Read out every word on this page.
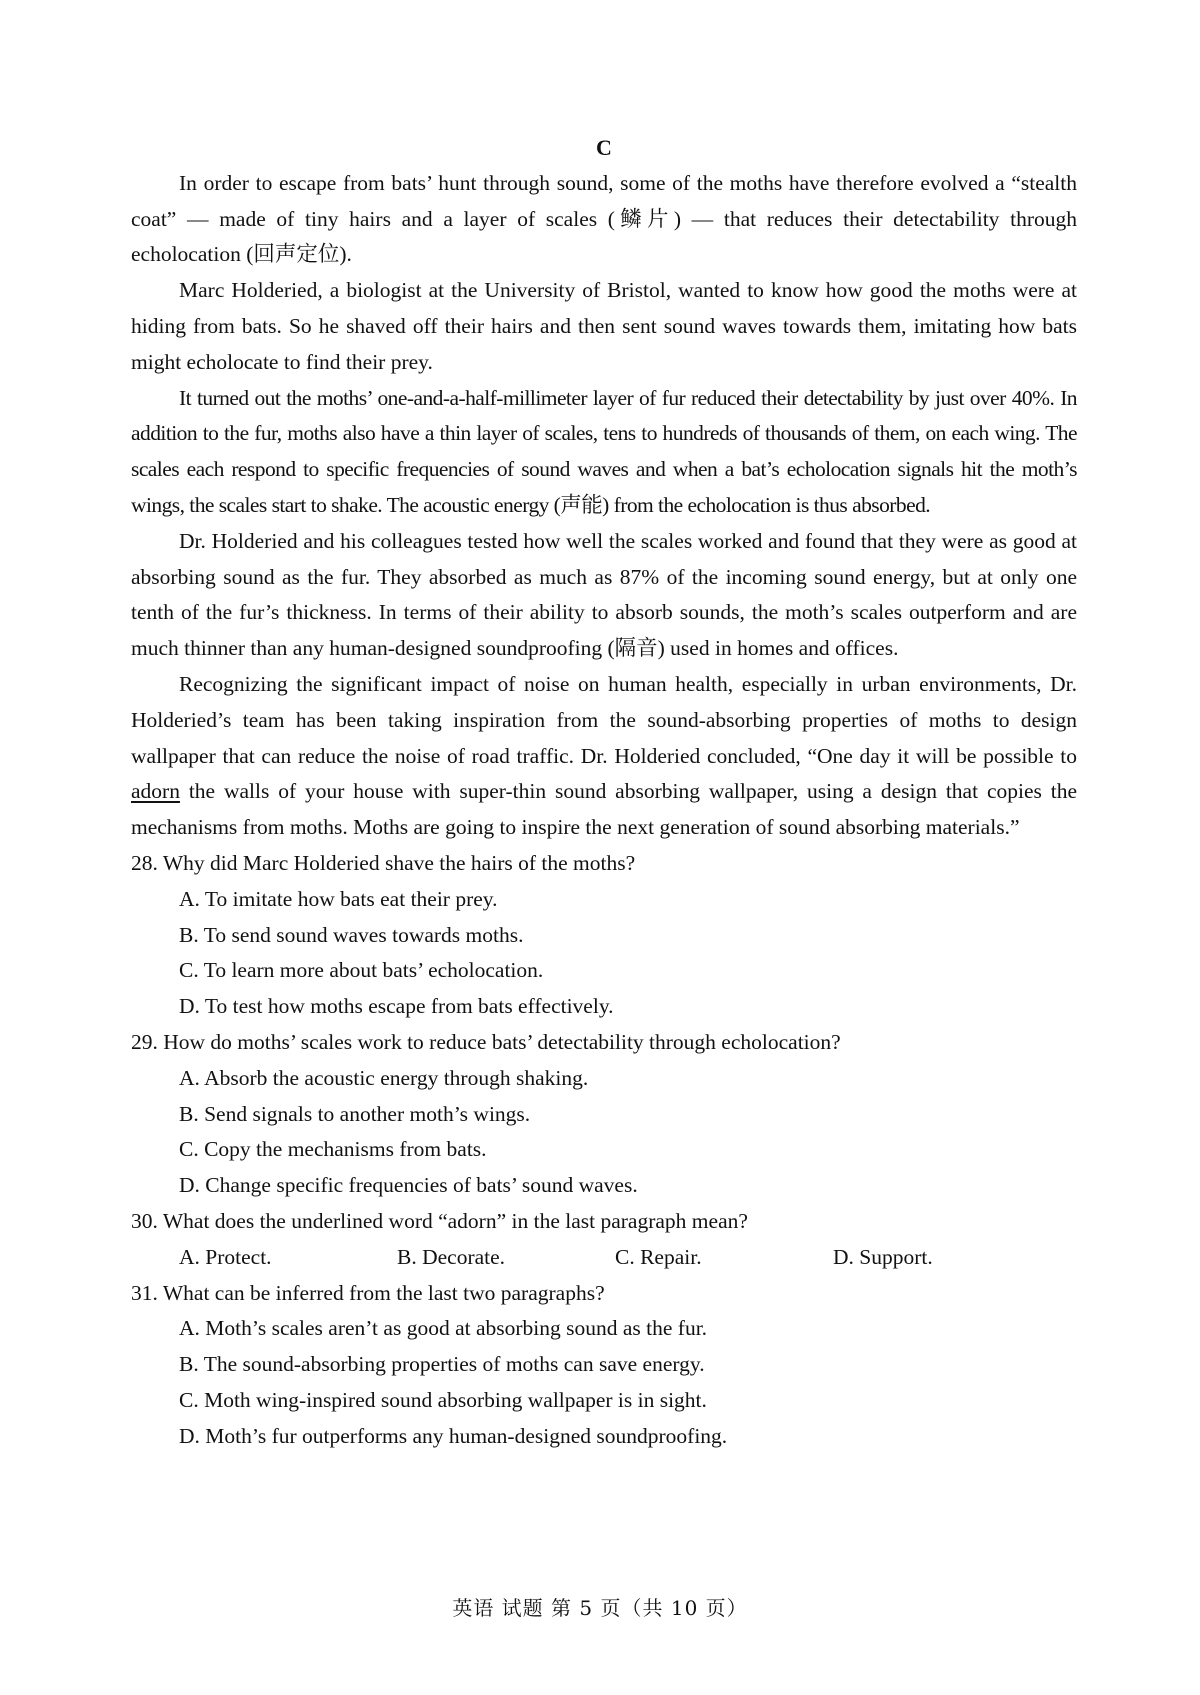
C

In order to escape from bats’ hunt through sound, some of the moths have therefore evolved a “stealth coat” — made of tiny hairs and a layer of scales (鳞片) — that reduces their detectability through echolocation (回声定位).

Marc Holderied, a biologist at the University of Bristol, wanted to know how good the moths were at hiding from bats. So he shaved off their hairs and then sent sound waves towards them, imitating how bats might echolocate to find their prey.

It turned out the moths’ one-and-a-half-millimeter layer of fur reduced their detectability by just over 40%. In addition to the fur, moths also have a thin layer of scales, tens to hundreds of thousands of them, on each wing. The scales each respond to specific frequencies of sound waves and when a bat’s echolocation signals hit the moth’s wings, the scales start to shake. The acoustic energy (声能) from the echolocation is thus absorbed.

Dr. Holderied and his colleagues tested how well the scales worked and found that they were as good at absorbing sound as the fur. They absorbed as much as 87% of the incoming sound energy, but at only one tenth of the fur’s thickness. In terms of their ability to absorb sounds, the moth’s scales outperform and are much thinner than any human-designed soundproofing (隔音) used in homes and offices.

Recognizing the significant impact of noise on human health, especially in urban environments, Dr. Holderied’s team has been taking inspiration from the sound-absorbing properties of moths to design wallpaper that can reduce the noise of road traffic. Dr. Holderied concluded, “One day it will be possible to adorn the walls of your house with super-thin sound absorbing wallpaper, using a design that copies the mechanisms from moths. Moths are going to inspire the next generation of sound absorbing materials.”

28. Why did Marc Holderied shave the hairs of the moths?

A. To imitate how bats eat their prey.

B. To send sound waves towards moths.

C. To learn more about bats’ echolocation.

D. To test how moths escape from bats effectively.

29. How do moths’ scales work to reduce bats’ detectability through echolocation?

A. Absorb the acoustic energy through shaking.

B. Send signals to another moth’s wings.

C. Copy the mechanisms from bats.

D. Change specific frequencies of bats’ sound waves.

30. What does the underlined word “adorn” in the last paragraph mean?

A. Protect.	B. Decorate.	C. Repair.	D. Support.

31. What can be inferred from the last two paragraphs?

A. Moth’s scales aren’t as good at absorbing sound as the fur.

B. The sound-absorbing properties of moths can save energy.

C. Moth wing-inspired sound absorbing wallpaper is in sight.

D. Moth’s fur outperforms any human-designed soundproofing.

英语 试题 第 5 页（共 10 页）
